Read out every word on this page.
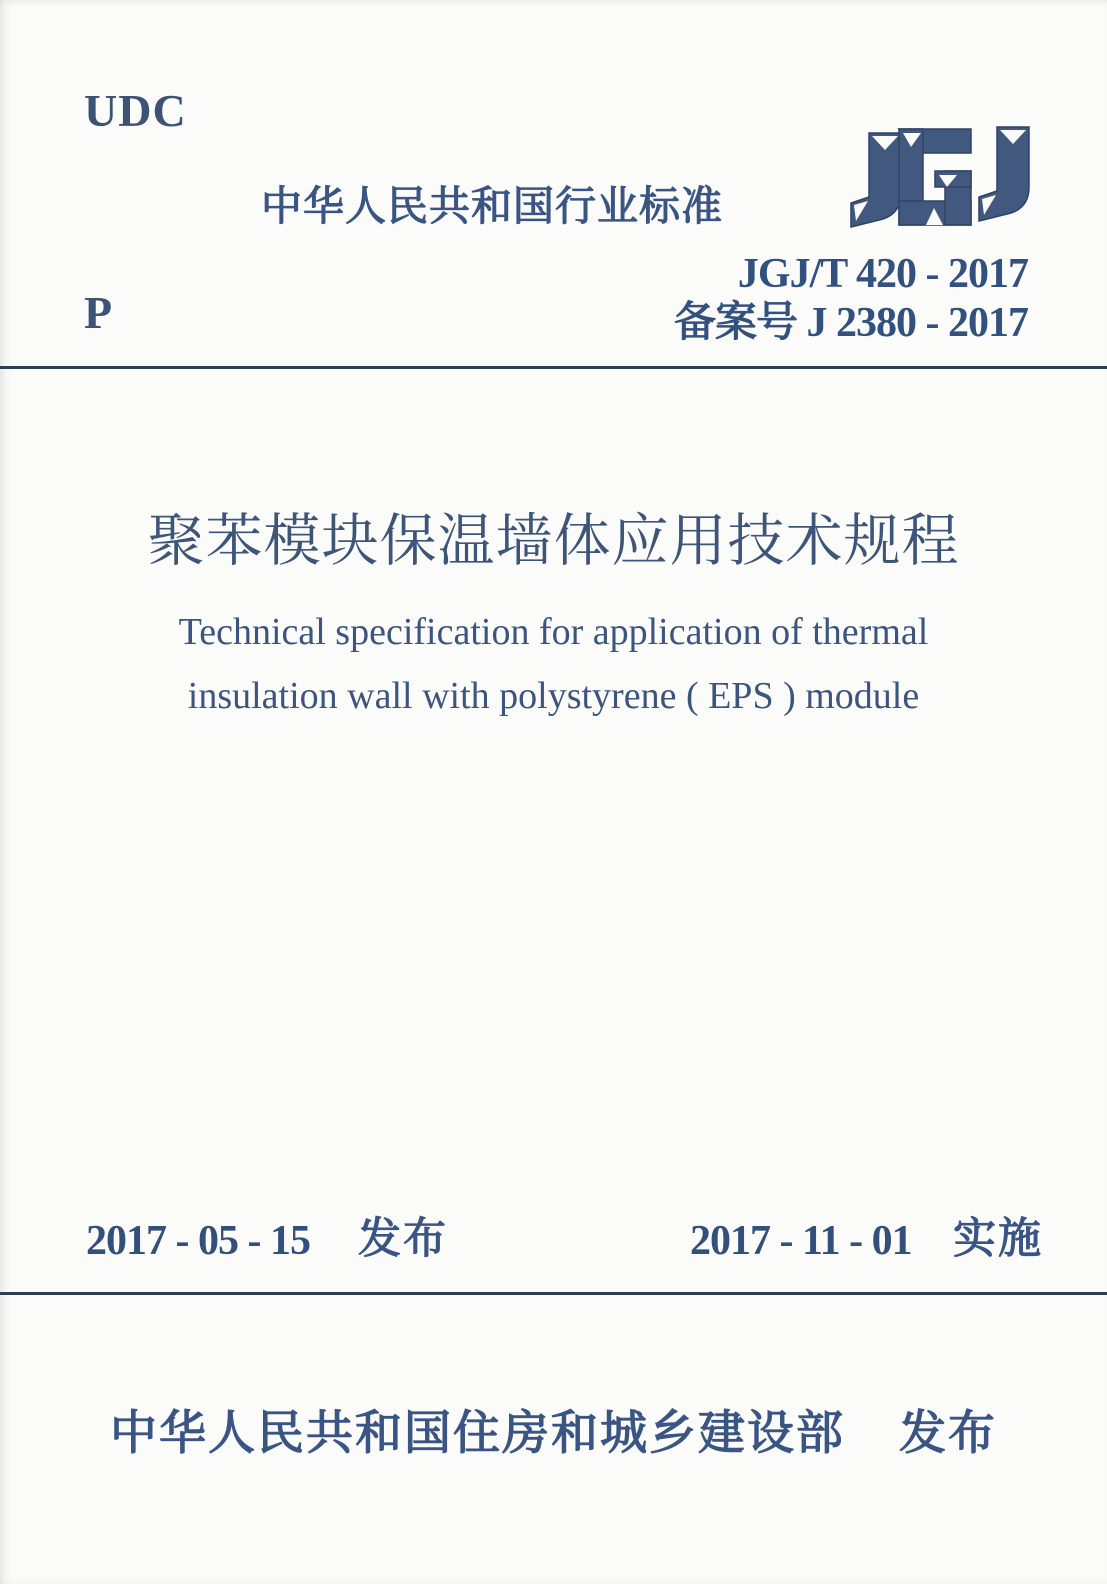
UDC
P
中华人民共和国行业标准
JGJ/T 420 - 2017
备案号 J 2380 - 2017
聚苯模块保温墙体应用技术规程
Technical specification for application of thermal
insulation wall with polystyrene ( EPS ) module
2017 - 05 - 15 发布	2017 - 11 - 01 实施
中华人民共和国住房和城乡建设部 发布
